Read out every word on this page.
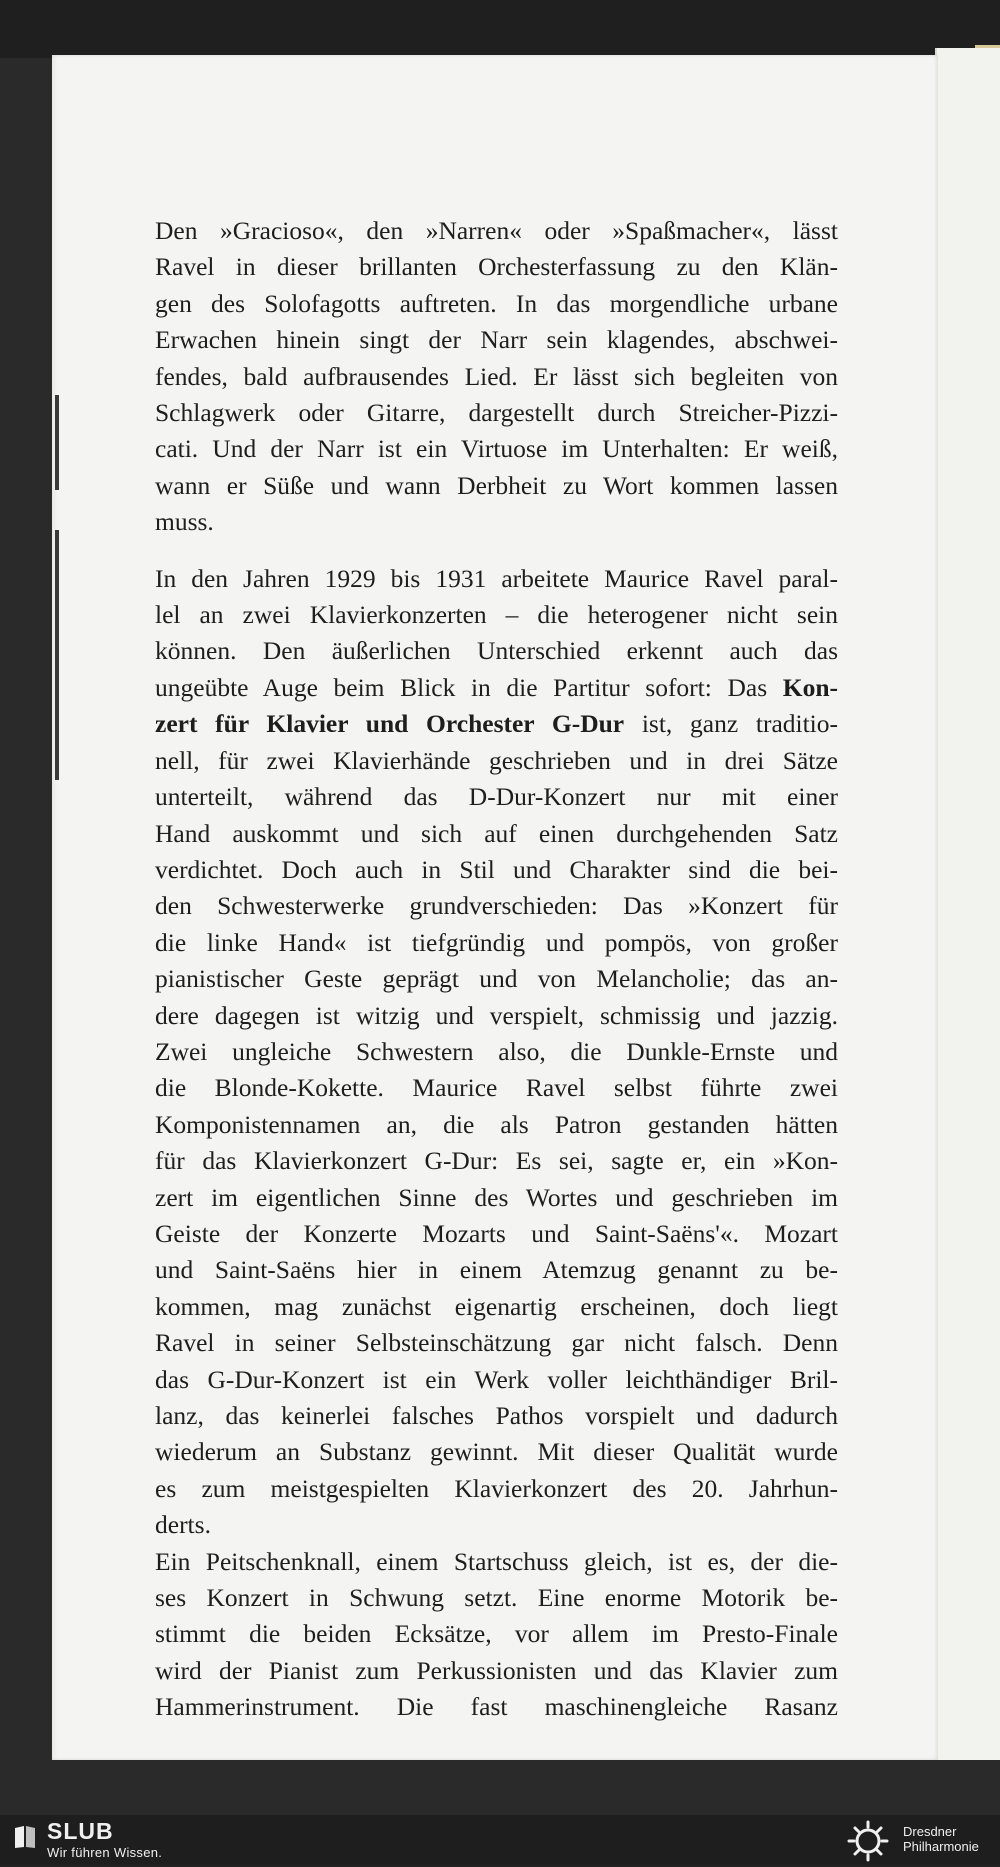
Den »Gracioso«, den »Narren« oder »Spaßmacher«, lässt
Ravel in dieser brillanten Orchesterfassung zu den Klän-
gen des Solofagotts auftreten. In das morgendliche urbane
Erwachen hinein singt der Narr sein klagendes, abschwei-
fendes, bald aufbrausendes Lied. Er lässt sich begleiten von
Schlagwerk oder Gitarre, dargestellt durch Streicher-Pizzi-
cati. Und der Narr ist ein Virtuose im Unterhalten: Er weiß,
wann er Süße und wann Derbheit zu Wort kommen lassen
muss.

In den Jahren 1929 bis 1931 arbeitete Maurice Ravel paral-
lel an zwei Klavierkonzerten – die heterogener nicht sein
können. Den äußerlichen Unterschied erkennt auch das
ungeübte Auge beim Blick in die Partitur sofort: Das Kon-
zert für Klavier und Orchester G-Dur ist, ganz traditio-
nell, für zwei Klavierhände geschrieben und in drei Sätze
unterteilt, während das D-Dur-Konzert nur mit einer
Hand auskommt und sich auf einen durchgehenden Satz
verdichtet. Doch auch in Stil und Charakter sind die bei-
den Schwesterwerke grundverschieden: Das »Konzert für
die linke Hand« ist tiefgründig und pompös, von großer
pianistischer Geste geprägt und von Melancholie; das an-
dere dagegen ist witzig und verspielt, schmissig und jazzig.
Zwei ungleiche Schwestern also, die Dunkle-Ernste und
die Blonde-Kokette. Maurice Ravel selbst führte zwei
Komponistennamen an, die als Patron gestanden hätten
für das Klavierkonzert G-Dur: Es sei, sagte er, ein »Kon-
zert im eigentlichen Sinne des Wortes und geschrieben im
Geiste der Konzerte Mozarts und Saint-Saëns'«. Mozart
und Saint-Saëns hier in einem Atemzug genannt zu be-
kommen, mag zunächst eigenartig erscheinen, doch liegt
Ravel in seiner Selbsteinschätzung gar nicht falsch. Denn
das G-Dur-Konzert ist ein Werk voller leichthändiger Bril-
lanz, das keinerlei falsches Pathos vorspielt und dadurch
wiederum an Substanz gewinnt. Mit dieser Qualität wurde
es zum meistgespielten Klavierkonzert des 20. Jahrhun-
derts.

Ein Peitschenknall, einem Startschuss gleich, ist es, der die-
ses Konzert in Schwung setzt. Eine enorme Motorik be-
stimmt die beiden Ecksätze, vor allem im Presto-Finale
wird der Pianist zum Perkussionisten und das Klavier zum
Hammerinstrument. Die fast maschinengleiche Rasanz

SLUB
Wir führen Wissen.
Dresdner
Philharmonie
